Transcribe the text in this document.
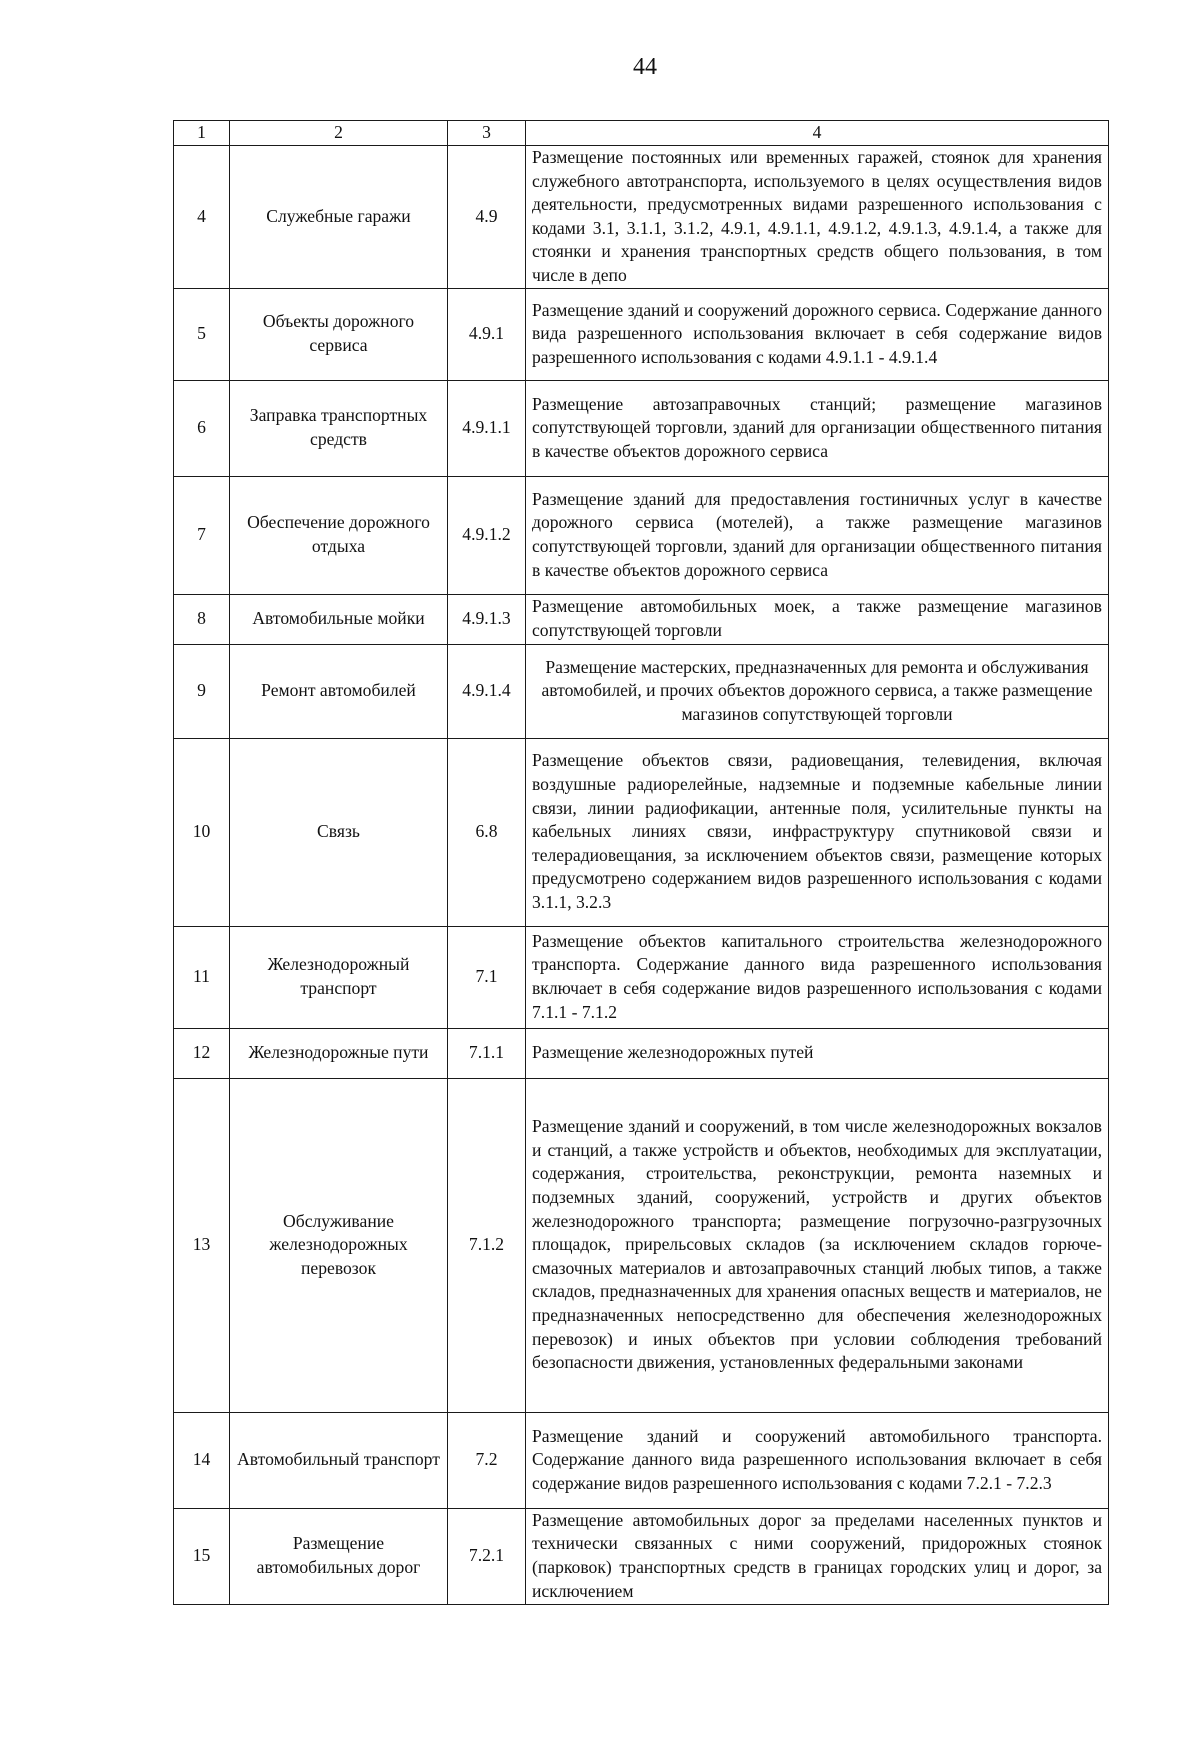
44
1	2	3	4
4	Служебные гаражи	4.9	Размещение постоянных или временных гаражей, стоянок для хранения служебного автотранспорта, используемого в целях осуществления видов деятельности, предусмотренных видами разрешенного использования с кодами 3.1, 3.1.1, 3.1.2, 4.9.1, 4.9.1.1, 4.9.1.2, 4.9.1.3, 4.9.1.4, а также для стоянки и хранения транспортных средств общего пользования, в том числе в депо
5	Объекты дорожного сервиса	4.9.1	Размещение зданий и сооружений дорожного сервиса. Содержание данного вида разрешенного использования включает в себя содержание видов разрешенного использования с кодами 4.9.1.1 - 4.9.1.4
6	Заправка транспортных средств	4.9.1.1	Размещение автозаправочных станций; размещение магазинов сопутствующей торговли, зданий для организации общественного питания в качестве объектов дорожного сервиса
7	Обеспечение дорожного отдыха	4.9.1.2	Размещение зданий для предоставления гостиничных услуг в качестве дорожного сервиса (мотелей), а также размещение магазинов сопутствующей торговли, зданий для организации общественного питания в качестве объектов дорожного сервиса
8	Автомобильные мойки	4.9.1.3	Размещение автомобильных моек, а также размещение магазинов сопутствующей торговли
9	Ремонт автомобилей	4.9.1.4	Размещение мастерских, предназначенных для ремонта и обслуживания автомобилей, и прочих объектов дорожного сервиса, а также размещение магазинов сопутствующей торговли
10	Связь	6.8	Размещение объектов связи, радиовещания, телевидения, включая воздушные радиорелейные, надземные и подземные кабельные линии связи, линии радиофикации, антенные поля, усилительные пункты на кабельных линиях связи, инфраструктуру спутниковой связи и телерадиовещания, за исключением объектов связи, размещение которых предусмотрено содержанием видов разрешенного использования с кодами 3.1.1, 3.2.3
11	Железнодорожный транспорт	7.1	Размещение объектов капитального строительства железнодорожного транспорта. Содержание данного вида разрешенного использования включает в себя содержание видов разрешенного использования с кодами 7.1.1 - 7.1.2
12	Железнодорожные пути	7.1.1	Размещение железнодорожных путей
13	Обслуживание железнодорожных перевозок	7.1.2	Размещение зданий и сооружений, в том числе железнодорожных вокзалов и станций, а также устройств и объектов, необходимых для эксплуатации, содержания, строительства, реконструкции, ремонта наземных и подземных зданий, сооружений, устройств и других объектов железнодорожного транспорта; размещение погрузочно-разгрузочных площадок, прирельсовых складов (за исключением складов горюче-смазочных материалов и автозаправочных станций любых типов, а также складов, предназначенных для хранения опасных веществ и материалов, не предназначенных непосредственно для обеспечения железнодорожных перевозок) и иных объектов при условии соблюдения требований безопасности движения, установленных федеральными законами
14	Автомобильный транспорт	7.2	Размещение зданий и сооружений автомобильного транспорта. Содержание данного вида разрешенного использования включает в себя содержание видов разрешенного использования с кодами 7.2.1 - 7.2.3
15	Размещение автомобильных дорог	7.2.1	Размещение автомобильных дорог за пределами населенных пунктов и технически связанных с ними сооружений, придорожных стоянок (парковок) транспортных средств в границах городских улиц и дорог, за исключением
